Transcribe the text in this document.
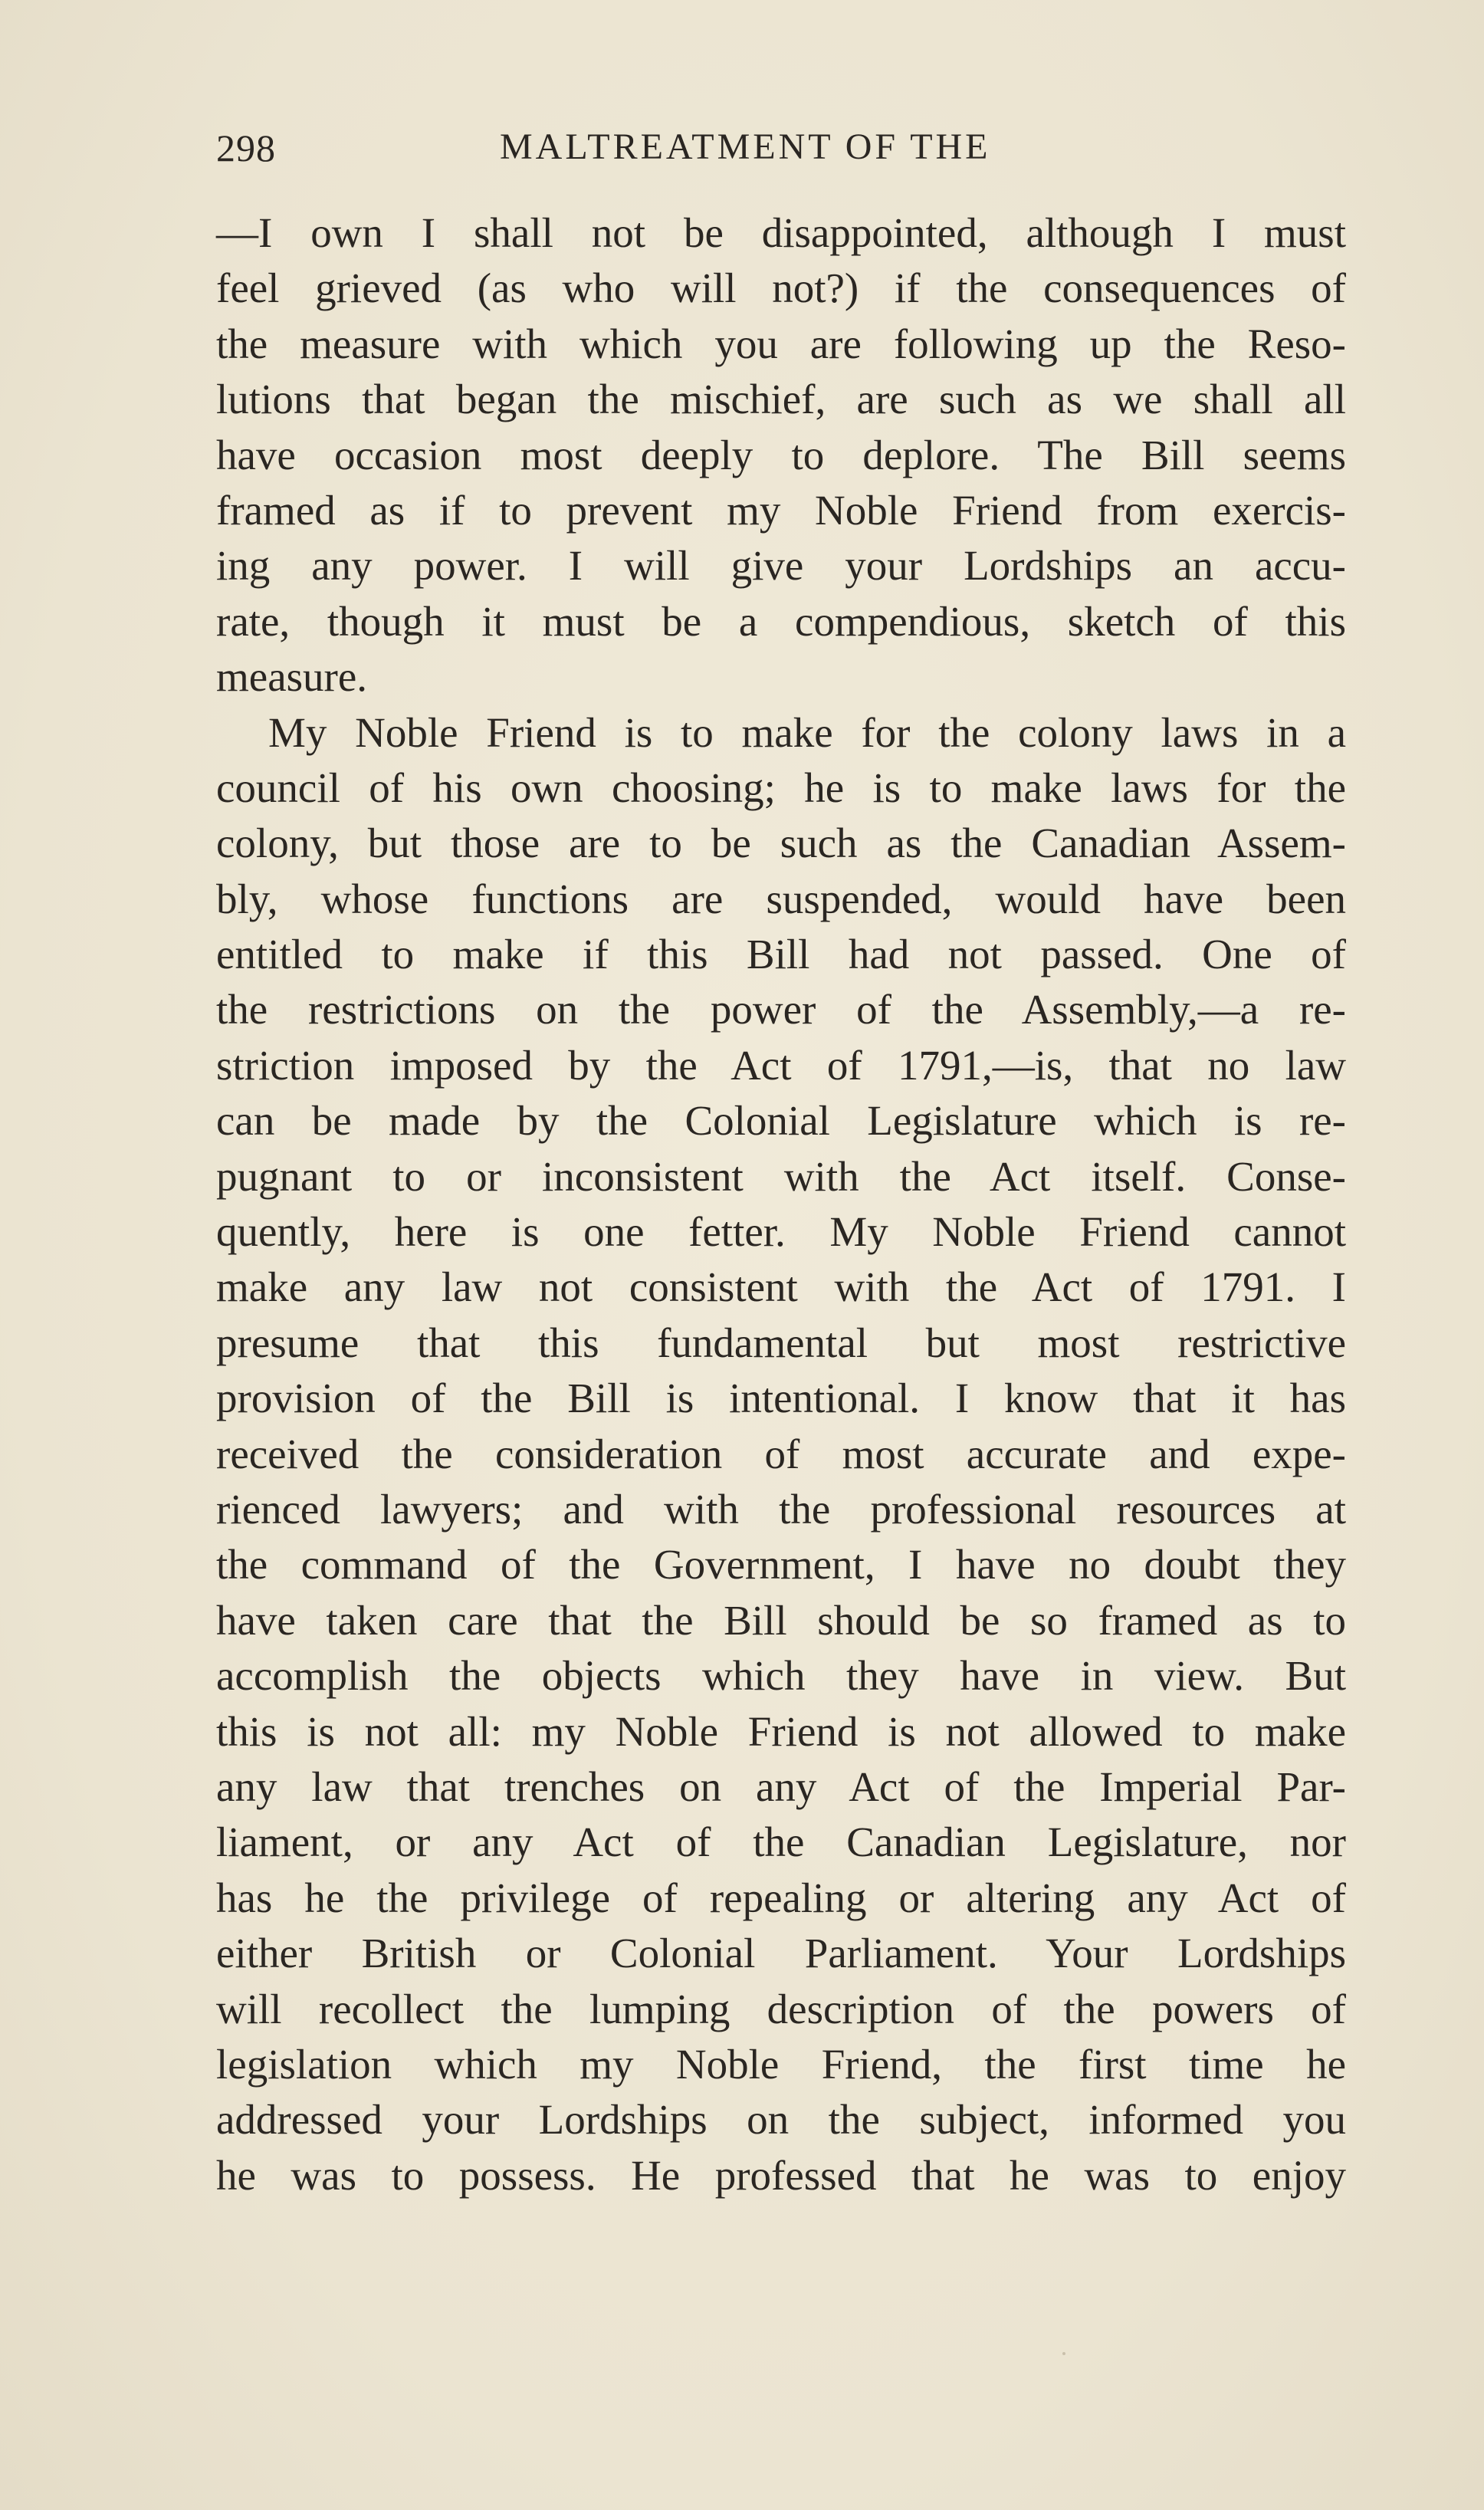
298	MALTREATMENT OF THE
—I own I shall not be disappointed, although I must
feel grieved (as who will not?) if the consequences of
the measure with which you are following up the Reso-
lutions that began the mischief, are such as we shall all
have occasion most deeply to deplore. The Bill seems
framed as if to prevent my Noble Friend from exercis-
ing any power. I will give your Lordships an accu-
rate, though it must be a compendious, sketch of this
measure.
My Noble Friend is to make for the colony laws in a
council of his own choosing; he is to make laws for the
colony, but those are to be such as the Canadian Assem-
bly, whose functions are suspended, would have been
entitled to make if this Bill had not passed. One of
the restrictions on the power of the Assembly,—a re-
striction imposed by the Act of 1791,—is, that no law
can be made by the Colonial Legislature which is re-
pugnant to or inconsistent with the Act itself. Conse-
quently, here is one fetter. My Noble Friend cannot
make any law not consistent with the Act of 1791. I
presume that this fundamental but most restrictive
provision of the Bill is intentional. I know that it has
received the consideration of most accurate and expe-
rienced lawyers; and with the professional resources at
the command of the Government, I have no doubt they
have taken care that the Bill should be so framed as to
accomplish the objects which they have in view. But
this is not all: my Noble Friend is not allowed to make
any law that trenches on any Act of the Imperial Par-
liament, or any Act of the Canadian Legislature, nor
has he the privilege of repealing or altering any Act of
either British or Colonial Parliament. Your Lordships
will recollect the lumping description of the powers of
legislation which my Noble Friend, the first time he
addressed your Lordships on the subject, informed you
he was to possess. He professed that he was to enjoy
